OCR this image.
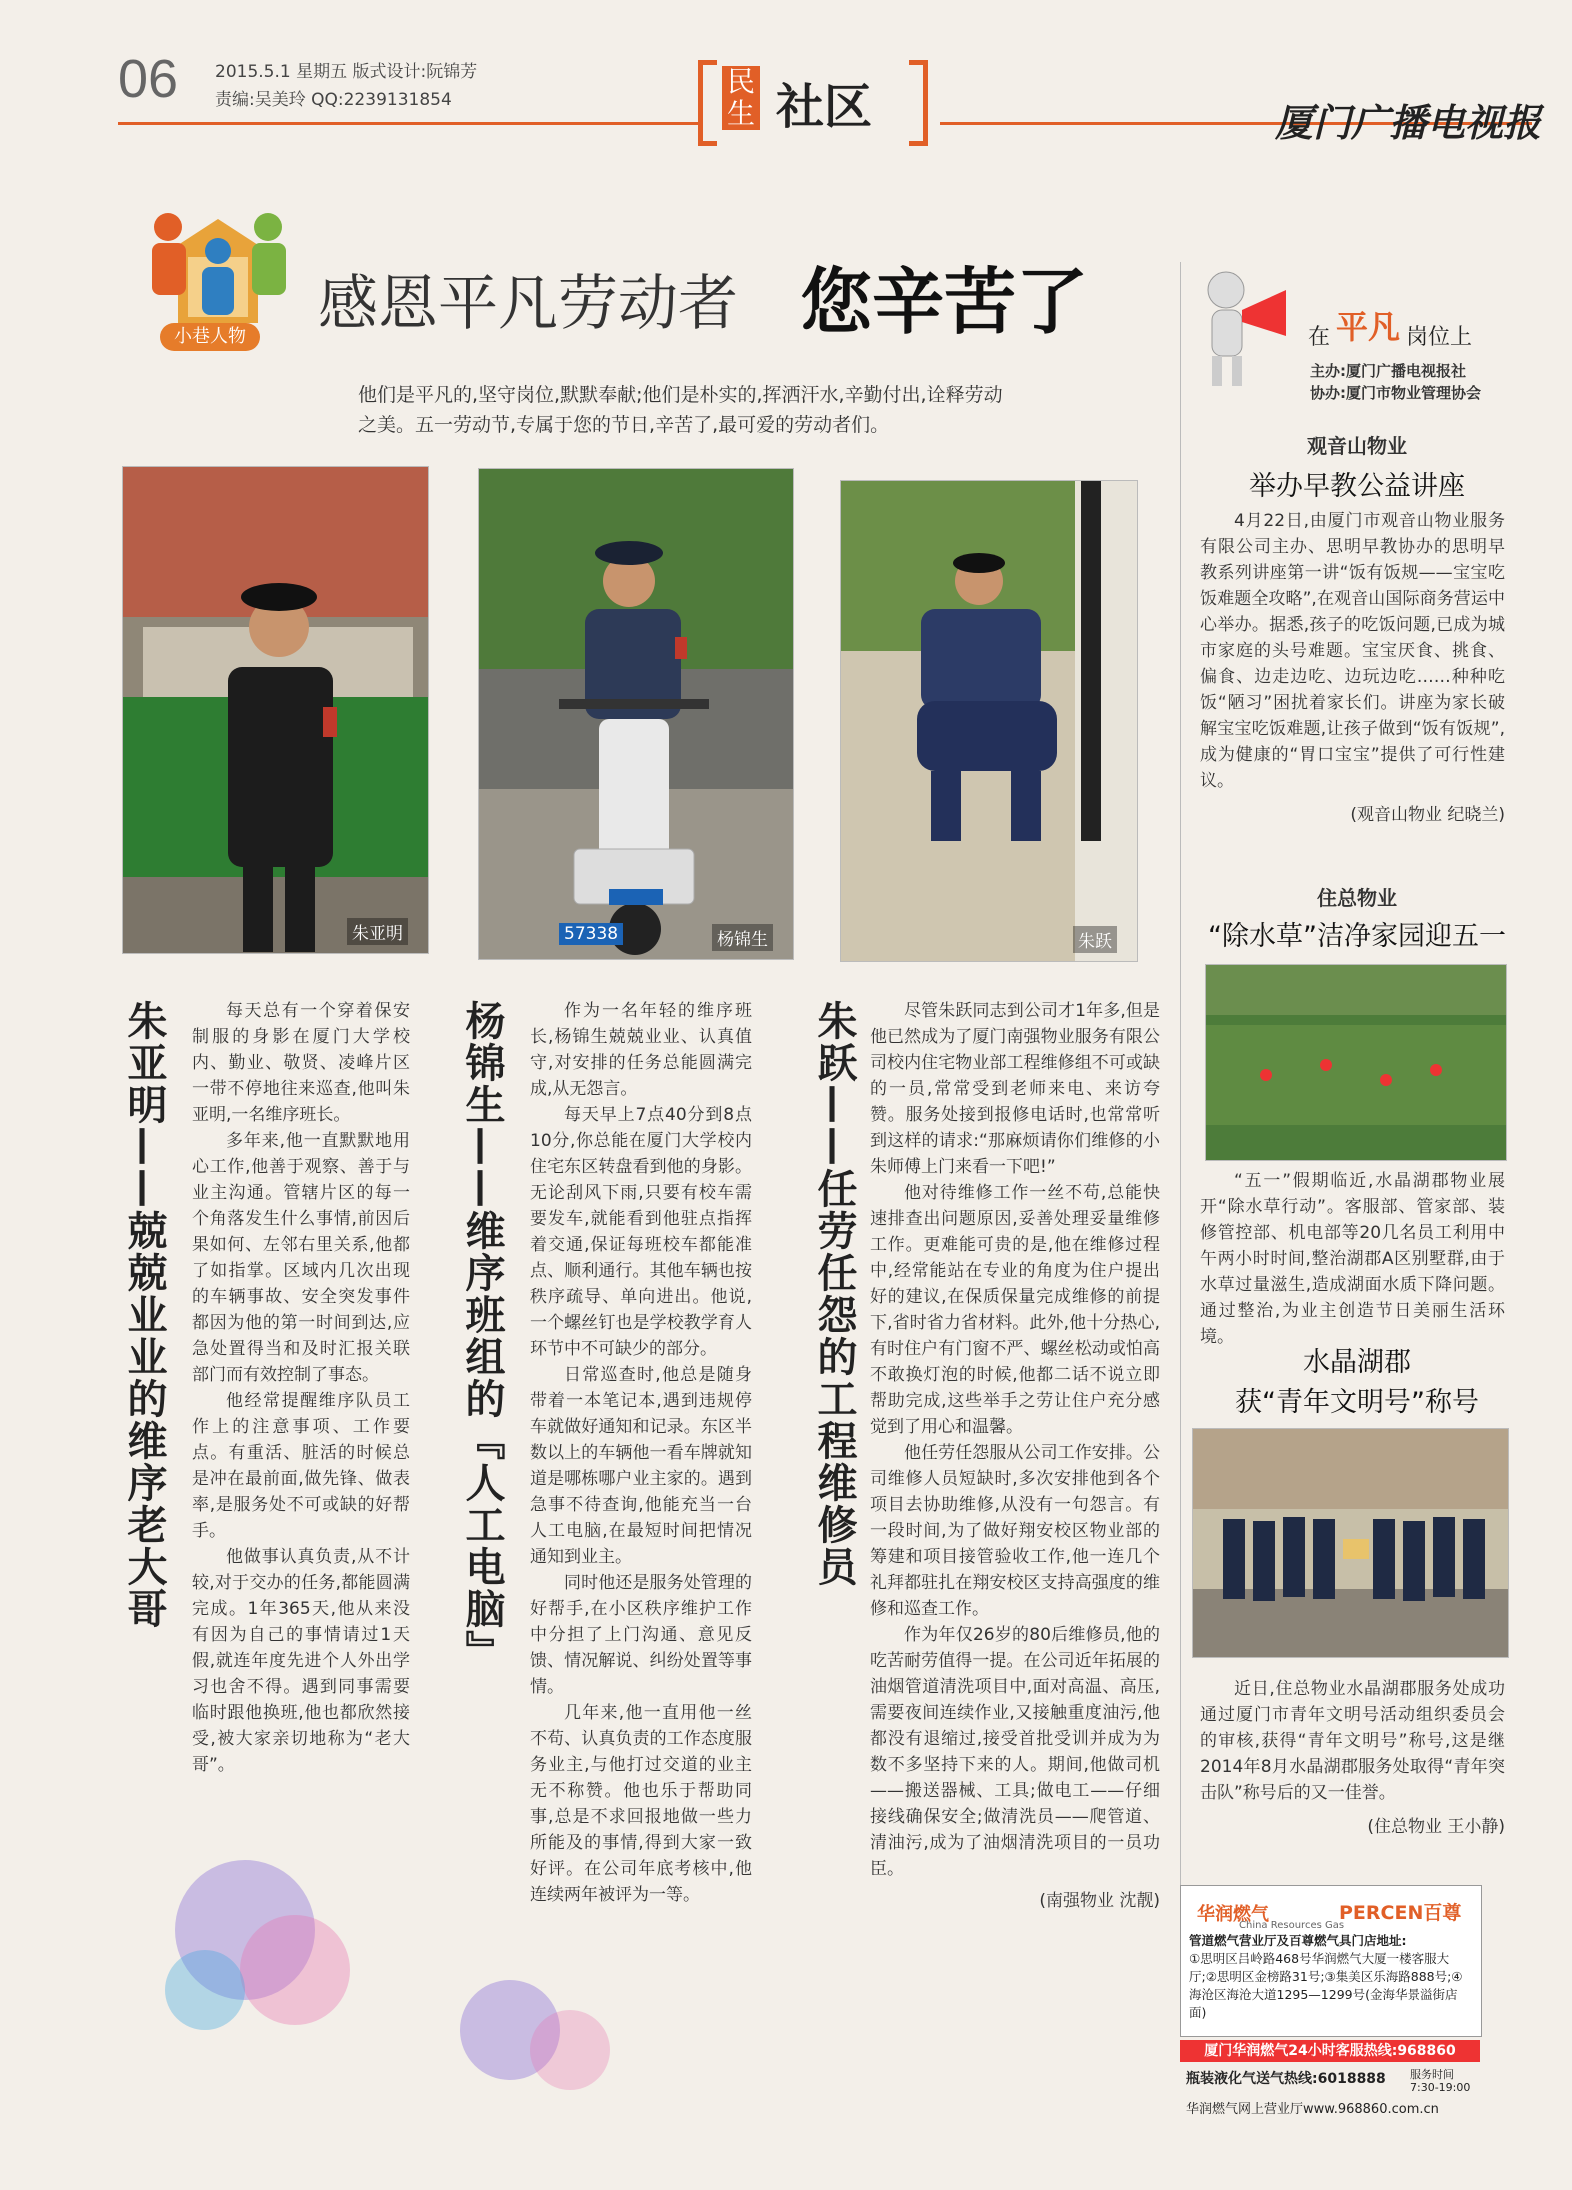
06 2015.5.1 星期五 版式设计:阮锦芳
责编:吴美玲 QQ:2239131854
民生 社区	厦门广播电视报
小巷人物 感恩平凡劳动者 您辛苦了
他们是平凡的,坚守岗位,默默奉献;他们是朴实的,挥洒汗水,辛勤付出,诠释劳动之美。五一劳动节,专属于您的节日,辛苦了,最可爱的劳动者们。
朱亚明	杨锦生
57338	朱跃
朱亚明——兢兢业业的维序老大哥	每天总有一个穿着保安制服的身影在厦门大学校内、勤业、敬贤、凌峰片区一带不停地往来巡查,他叫朱亚明,一名维序班长。

多年来,他一直默默地用心工作,他善于观察、善于与业主沟通。管辖片区的每一个角落发生什么事情,前因后果如何、左邻右里关系,他都了如指掌。区域内几次出现的车辆事故、安全突发事件都因为他的第一时间到达,应急处置得当和及时汇报关联部门而有效控制了事态。

他经常提醒维序队员工作上的注意事项、工作要点。有重活、脏活的时候总是冲在最前面,做先锋、做表率,是服务处不可或缺的好帮手。

他做事认真负责,从不计较,对于交办的任务,都能圆满完成。1年365天,他从来没有因为自己的事情请过1天假,就连年度先进个人外出学习也舍不得。遇到同事需要临时跟他换班,他也都欣然接受,被大家亲切地称为“老大哥”。

杨锦生——维序班组的『人工电脑』	作为一名年轻的维序班长,杨锦生兢兢业业、认真值守,对安排的任务总能圆满完成,从无怨言。

每天早上7点40分到8点10分,你总能在厦门大学校内住宅东区转盘看到他的身影。无论刮风下雨,只要有校车需要发车,就能看到他驻点指挥着交通,保证每班校车都能准点、顺利通行。其他车辆也按秩序疏导、单向进出。他说,一个螺丝钉也是学校教学育人环节中不可缺少的部分。

日常巡查时,他总是随身带着一本笔记本,遇到违规停车就做好通知和记录。东区半数以上的车辆他一看车牌就知道是哪栋哪户业主家的。遇到急事不待查询,他能充当一台人工电脑,在最短时间把情况通知到业主。

同时他还是服务处管理的好帮手,在小区秩序维护工作中分担了上门沟通、意见反馈、情况解说、纠纷处置等事情。

几年来,他一直用他一丝不苟、认真负责的工作态度服务业主,与他打过交道的业主无不称赞。他也乐于帮助同事,总是不求回报地做一些力所能及的事情,得到大家一致好评。在公司年底考核中,他连续两年被评为一等。

朱跃——任劳任怨的工程维修员	尽管朱跃同志到公司才1年多,但是他已然成为了厦门南强物业服务有限公司校内住宅物业部工程维修组不可或缺的一员,常常受到老师来电、来访夸赞。服务处接到报修电话时,也常常听到这样的请求:“那麻烦请你们维修的小朱师傅上门来看一下吧!”

他对待维修工作一丝不苟,总能快速排查出问题原因,妥善处理妥量维修工作。更难能可贵的是,他在维修过程中,经常能站在专业的角度为住户提出好的建议,在保质保量完成维修的前提下,省时省力省材料。此外,他十分热心,有时住户有门窗不严、螺丝松动或怕高不敢换灯泡的时候,他都二话不说立即帮助完成,这些举手之劳让住户充分感觉到了用心和温馨。

他任劳任怨服从公司工作安排。公司维修人员短缺时,多次安排他到各个项目去协助维修,从没有一句怨言。有一段时间,为了做好翔安校区物业部的筹建和项目接管验收工作,他一连几个礼拜都驻扎在翔安校区支持高强度的维修和巡查工作。

作为年仅26岁的80后维修员,他的吃苦耐劳值得一提。在公司近年拓展的油烟管道清洗项目中,面对高温、高压,需要夜间连续作业,又接触重度油污,他都没有退缩过,接受首批受训并成为为数不多坚持下来的人。期间,他做司机——搬送器械、工具;做电工——仔细接线确保安全;做清洗员——爬管道、清油污,成为了油烟清洗项目的一员功臣。

(南强物业 沈靓)

在 平凡 岗位上
主办:厦门广播电视报社
协办:厦门市物业管理协会
观音山物业
举办早教公益讲座

4月22日,由厦门市观音山物业服务有限公司主办、思明早教协办的思明早教系列讲座第一讲“饭有饭规——宝宝吃饭难题全攻略”,在观音山国际商务营运中心举办。据悉,孩子的吃饭问题,已成为城市家庭的头号难题。宝宝厌食、挑食、偏食、边走边吃、边玩边吃……种种吃饭“陋习”困扰着家长们。讲座为家长破解宝宝吃饭难题,让孩子做到“饭有饭规”,成为健康的“胃口宝宝”提供了可行性建议。

(观音山物业 纪晓兰)

住总物业
“除水草”洁净家园迎五一

“五一”假期临近,水晶湖郡物业展开“除水草行动”。客服部、管家部、装修管控部、机电部等20几名员工利用中午两小时时间,整治湖郡A区别墅群,由于水草过量滋生,造成湖面水质下降问题。通过整治,为业主创造节日美丽生活环境。

水晶湖郡
获“青年文明号”称号

近日,住总物业水晶湖郡服务处成功通过厦门市青年文明号活动组织委员会的审核,获得“青年文明号”称号,这是继2014年8月水晶湖郡服务处取得“青年突击队”称号后的又一佳誉。

(住总物业 王小静)

华润燃气
China Resources Gas
PERCEN百尊
管道燃气营业厅及百尊燃气具门店地址:
①思明区吕岭路468号华润燃气大厦一楼客服大厅;②思明区金榜路31号;③集美区乐海路888号;④海沧区海沧大道1295—1299号(金海华景溢街店面)
厦门华润燃气24小时客服热线:968860
瓶装液化气送气热线:6018888 服务时间 7:30-19:00
华润燃气网上营业厅www.968860.com.cn
